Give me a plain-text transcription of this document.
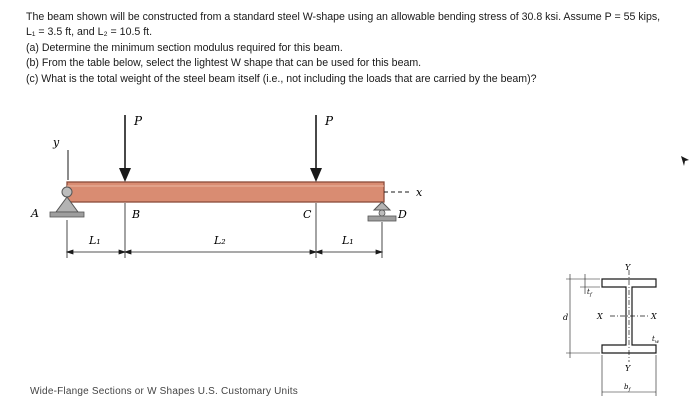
The beam shown will be constructed from a standard steel W-shape using an allowable bending stress of 30.8 ksi. Assume P = 55 kips,

L₁ = 3.5 ft, and L₂ = 10.5 ft.

(a) Determine the minimum section modulus required for this beam.

(b) From the table below, select the lightest W shape that can be used for this beam.

(c) What is the total weight of the steel beam itself (i.e., not including the loads that are carried by the beam)?

y
x
A	D
P	P
B	C
L₁	L₂	L₁
Y
Y
X	X
d
$t_f$
$t_w$
$b_f$
Wide-Flange Sections or W Shapes U.S. Customary Units
